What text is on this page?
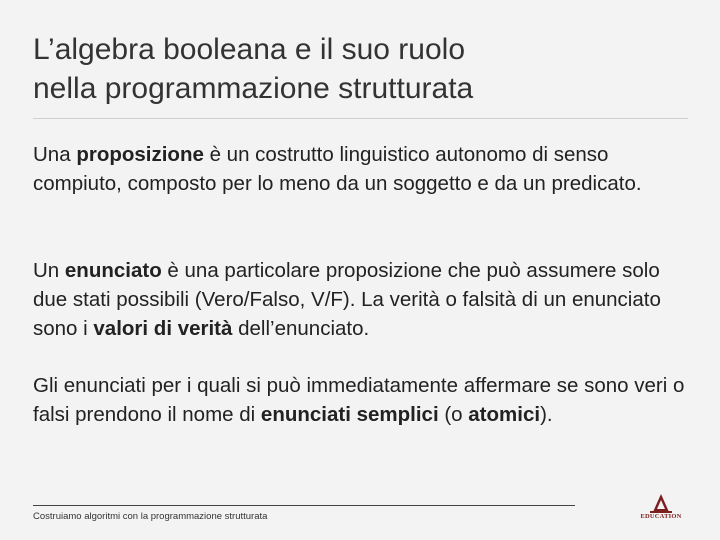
L’algebra booleana e il suo ruolo
nella programmazione strutturata
Una proposizione è un costrutto linguistico autonomo di senso compiuto, composto per lo meno da un soggetto e da un predicato.
Un enunciato è una particolare proposizione che può assumere solo due stati possibili (Vero/Falso, V/F). La verità o falsità di un enunciato sono i valori di verità dell’enunciato.
Gli enunciati per i quali si può immediatamente affermare se sono veri o falsi prendono il nome di enunciati semplici (o atomici).
Costruiamo algoritmi con la programmazione strutturata	EDUCATION
